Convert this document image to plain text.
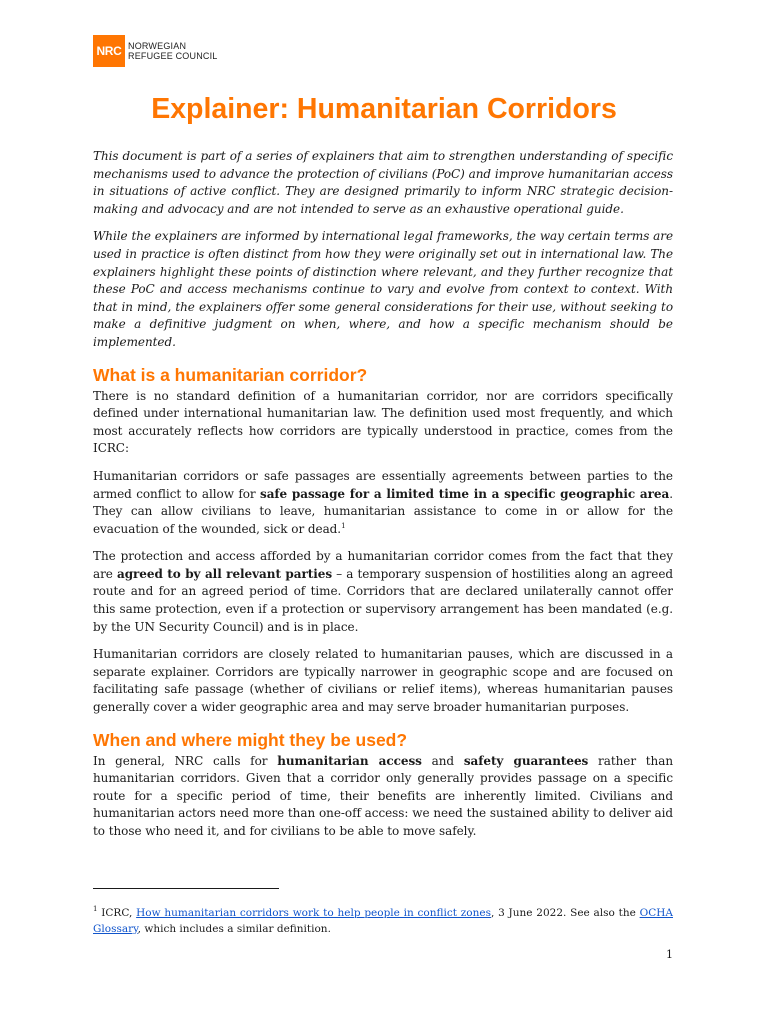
NRC NORWEGIAN
REFUGEE COUNCIL
Explainer: Humanitarian Corridors

This document is part of a series of explainers that aim to strengthen understanding of specific mechanisms used to advance the protection of civilians (PoC) and improve humanitarian access in situations of active conflict. They are designed primarily to inform NRC strategic decision-making and advocacy and are not intended to serve as an exhaustive operational guide.

While the explainers are informed by international legal frameworks, the way certain terms are used in practice is often distinct from how they were originally set out in international law. The explainers highlight these points of distinction where relevant, and they further recognize that these PoC and access mechanisms continue to vary and evolve from context to context. With that in mind, the explainers offer some general considerations for their use, without seeking to make a definitive judgment on when, where, and how a specific mechanism should be implemented.

What is a humanitarian corridor?

There is no standard definition of a humanitarian corridor, nor are corridors specifically defined under international humanitarian law. The definition used most frequently, and which most accurately reflects how corridors are typically understood in practice, comes from the ICRC:

Humanitarian corridors or safe passages are essentially agreements between parties to the armed conflict to allow for safe passage for a limited time in a specific geographic area. They can allow civilians to leave, humanitarian assistance to come in or allow for the evacuation of the wounded, sick or dead.$^1$

The protection and access afforded by a humanitarian corridor comes from the fact that they are agreed to by all relevant parties – a temporary suspension of hostilities along an agreed route and for an agreed period of time. Corridors that are declared unilaterally cannot offer this same protection, even if a protection or supervisory arrangement has been mandated (e.g. by the UN Security Council) and is in place.

Humanitarian corridors are closely related to humanitarian pauses, which are discussed in a separate explainer. Corridors are typically narrower in geographic scope and are focused on facilitating safe passage (whether of civilians or relief items), whereas humanitarian pauses generally cover a wider geographic area and may serve broader humanitarian purposes.

When and where might they be used?

In general, NRC calls for humanitarian access and safety guarantees rather than humanitarian corridors. Given that a corridor only generally provides passage on a specific route for a specific period of time, their benefits are inherently limited. Civilians and humanitarian actors need more than one-off access: we need the sustained ability to deliver aid to those who need it, and for civilians to be able to move safely.

$^1$ ICRC, How humanitarian corridors work to help people in conflict zones, 3 June 2022. See also the OCHA Glossary, which includes a similar definition.
1
